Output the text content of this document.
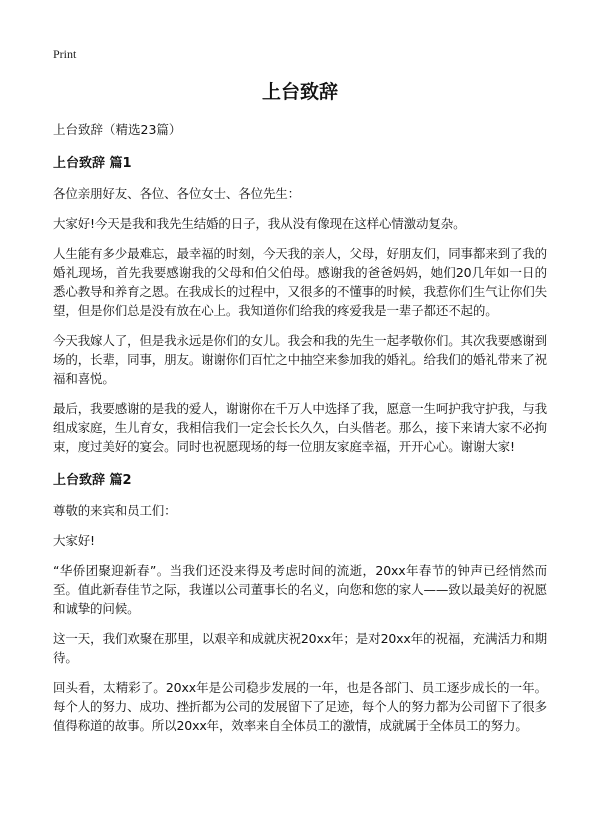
Print
上台致辞

上台致辞（精选23篇）

上台致辞 篇1

各位亲朋好友、各位、各位女士、各位先生：

大家好!今天是我和我先生结婚的日子，我从没有像现在这样心情激动复杂。

人生能有多少最难忘，最幸福的时刻，今天我的亲人，父母，好朋友们，同事都来到了我的婚礼现场，首先我要感谢我的父母和伯父伯母。感谢我的爸爸妈妈，她们20几年如一日的悉心教导和养育之恩。在我成长的过程中，又很多的不懂事的时候，我惹你们生气让你们失望，但是你们总是没有放在心上。我知道你们给我的疼爱我是一辈子都还不起的。

今天我嫁人了，但是我永远是你们的女儿。我会和我的先生一起孝敬你们。其次我要感谢到场的，长辈，同事，朋友。谢谢你们百忙之中抽空来参加我的婚礼。给我们的婚礼带来了祝福和喜悦。

最后，我要感谢的是我的爱人，谢谢你在千万人中选择了我，愿意一生呵护我守护我，与我组成家庭，生儿育女，我相信我们一定会长长久久，白头偕老。那么，接下来请大家不必拘束，度过美好的宴会。同时也祝愿现场的每一位朋友家庭幸福，开开心心。谢谢大家!

上台致辞 篇2

尊敬的来宾和员工们：

大家好!

“华侨团聚迎新春”。当我们还没来得及考虑时间的流逝，20xx年春节的钟声已经悄然而至。值此新春佳节之际，我谨以公司董事长的名义，向您和您的家人——致以最美好的祝愿和诚挚的问候。

这一天，我们欢聚在那里，以艰辛和成就庆祝20xx年；是对20xx年的祝福，充满活力和期待。

回头看，太精彩了。20xx年是公司稳步发展的一年，也是各部门、员工逐步成长的一年。每个人的努力、成功、挫折都为公司的发展留下了足迹，每个人的努力都为公司留下了很多值得称道的故事。所以20xx年，效率来自全体员工的激情，成就属于全体员工的努力。
